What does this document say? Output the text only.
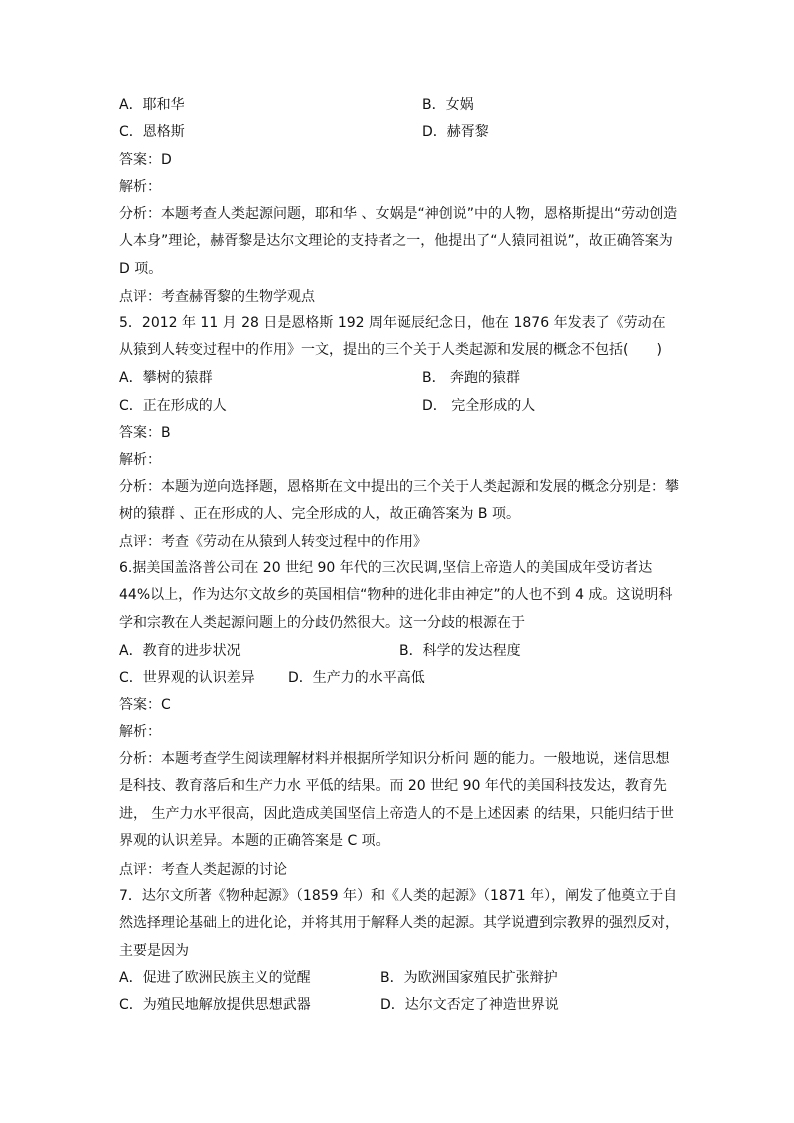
A．耶和华	B．女娲
C．恩格斯	D．赫胥黎
答案：D
解析：
分析：本题考查人类起源问题，耶和华 、女娲是“神创说”中的人物，恩格斯提出“劳动创造人本身”理论，赫胥黎是达尔文理论的支持者之一，他提出了“人猿同祖说”，故正确答案为 D 项。
点评：考查赫胥黎的生物学观点
5．2012 年 11 月 28 日是恩格斯 192 周年诞辰纪念日，他在 1876 年发表了《劳动在从猿到人转变过程中的作用》一文，提出的三个关于人类起源和发展的概念不包括(　　)
A．攀树的猿群	B． 奔跑的猿群
C．正在形成的人	D． 完全形成的人
答案：B
解析：
分析：本题为逆向选择题，恩格斯在文中提出的三个关于人类起源和发展的概念分别是：攀树的猿群 、正在形成的人、完全形成的人，故正确答案为 B 项。
点评：考查《劳动在从猿到人转变过程中的作用》
6.据美国盖洛普公司在 20 世纪 90 年代的三次民调,坚信上帝造人的美国成年受访者达 44%以上，作为达尔文故乡的英国相信“物种的进化非由神定”的人也不到 4 成。这说明科学和宗教在人类起源问题上的分歧仍然很大。这一分歧的根源在于
A．教育的进步状况	B．科学的发达程度
C．世界观的认识差异 D．生产力的水平高低
答案：C
解析：
分析：本题考查学生阅读理解材料并根据所学知识分析问 题的能力。一般地说，迷信思想是科技、教育落后和生产力水 平低的结果。而 20 世纪 90 年代的美国科技发达，教育先进， 生产力水平很高，因此造成美国坚信上帝造人的不是上述因素 的结果，只能归结于世界观的认识差异。本题的正确答案是 C 项。
点评：考查人类起源的讨论
7．达尔文所著《物种起源》（1859 年）和《人类的起源》（1871 年），阐发了他奠立于自然选择理论基础上的进化论，并将其用于解释人类的起源。其学说遭到宗教界的强烈反对，主要是因为
A．促进了欧洲民族主义的觉醒	B．为欧洲国家殖民扩张辩护
C．为殖民地解放提供思想武器	D．达尔文否定了神造世界说
